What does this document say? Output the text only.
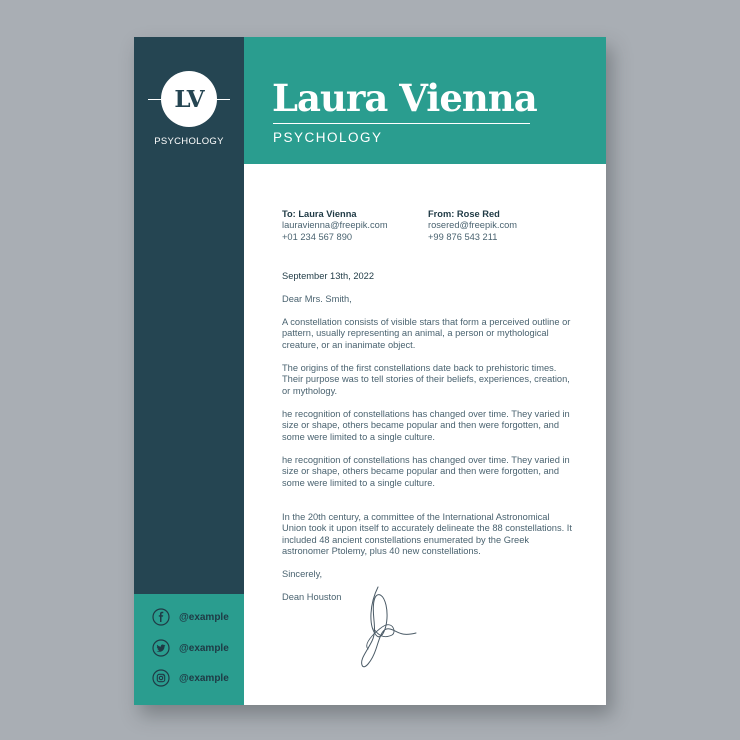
LV
PSYCHOLOGY
@example
@example
@example
Laura Vienna
PSYCHOLOGY

To: Laura Vienna

lauravienna@freepik.com

+01 234 567 890

From: Rose Red

rosered@freepik.com

+99 876 543 211

September 13th, 2022
Dear Mrs. Smith,
A constellation consists of visible stars that form a perceived outline or pattern, usually representing an animal, a person or mythological creature, or an inanimate object.
The origins of the first constellations date back to prehistoric times. Their purpose was to tell stories of their beliefs, experiences, creation, or mythology.
he recognition of constellations has changed over time. They varied in size or shape, others became popular and then were forgotten, and some were limited to a single culture.
he recognition of constellations has changed over time. They varied in size or shape, others became popular and then were forgotten, and some were limited to a single culture.
In the 20th century, a committee of the International Astronomical Union took it upon itself to accurately delineate the 88 constellations. It included 48 ancient constellations enumerated by the Greek astronomer Ptolemy, plus 40 new constellations.
Sincerely,
Dean Houston
